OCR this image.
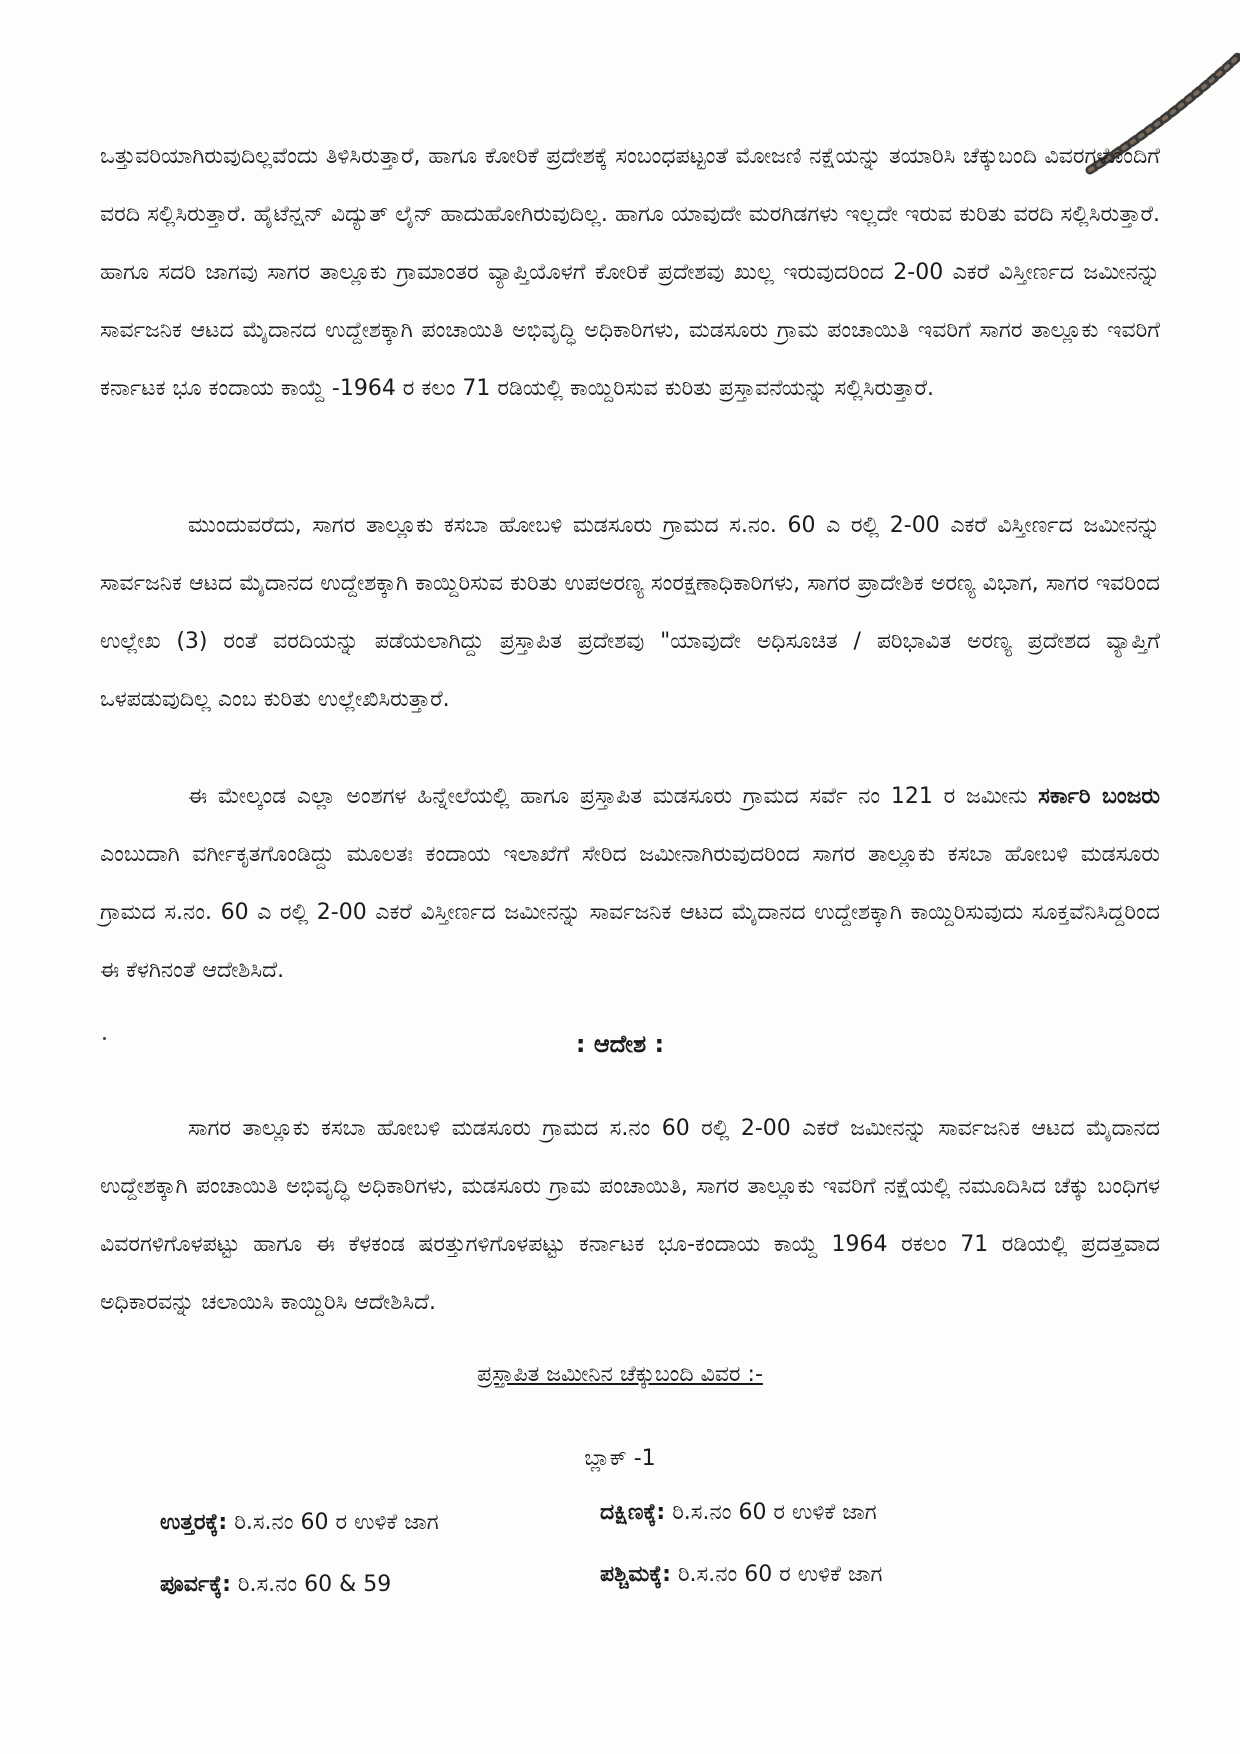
ಒತ್ತುವರಿಯಾಗಿರುವುದಿಲ್ಲವೆಂದು ತಿಳಿಸಿರುತ್ತಾರೆ, ಹಾಗೂ ಕೋರಿಕೆ ಪ್ರದೇಶಕ್ಕೆ ಸಂಬಂಧಪಟ್ಟಂತೆ ಮೋಜಣಿ ನಕ್ಷೆಯನ್ನು ತಯಾರಿಸಿ ಚೆಕ್ಕುಬಂದಿ ವಿವರಗಳೊಂದಿಗೆ ವರದಿ ಸಲ್ಲಿಸಿರುತ್ತಾರೆ. ಹೈಟೆನ್ಷನ್ ವಿದ್ಯುತ್ ಲೈನ್ ಹಾದುಹೋಗಿರುವುದಿಲ್ಲ. ಹಾಗೂ ಯಾವುದೇ ಮರಗಿಡಗಳು ಇಲ್ಲದೇ ಇರುವ ಕುರಿತು ವರದಿ ಸಲ್ಲಿಸಿರುತ್ತಾರೆ. ಹಾಗೂ ಸದರಿ ಜಾಗವು ಸಾಗರ ತಾಲ್ಲೂಕು ಗ್ರಾಮಾಂತರ ವ್ಯಾಪ್ತಿಯೊಳಗೆ ಕೋರಿಕೆ ಪ್ರದೇಶವು ಖುಲ್ಲ ಇರುವುದರಿಂದ 2-00 ಎಕರೆ ವಿಸ್ತೀರ್ಣದ ಜಮೀನನ್ನು ಸಾರ್ವಜನಿಕ ಆಟದ ಮೈದಾನದ ಉದ್ದೇಶಕ್ಕಾಗಿ ಪಂಚಾಯಿತಿ ಅಭಿವೃದ್ಧಿ ಅಧಿಕಾರಿಗಳು, ಮಡಸೂರು ಗ್ರಾಮ ಪಂಚಾಯಿತಿ ಇವರಿಗೆ ಸಾಗರ ತಾಲ್ಲೂಕು ಇವರಿಗೆ ಕರ್ನಾಟಕ ಭೂ ಕಂದಾಯ ಕಾಯ್ದೆ -1964 ರ ಕಲಂ 71 ರಡಿಯಲ್ಲಿ ಕಾಯ್ದಿರಿಸುವ ಕುರಿತು ಪ್ರಸ್ತಾವನೆಯನ್ನು ಸಲ್ಲಿಸಿರುತ್ತಾರೆ.

ಮುಂದುವರೆದು, ಸಾಗರ ತಾಲ್ಲೂಕು ಕಸಬಾ ಹೋಬಳಿ ಮಡಸೂರು ಗ್ರಾಮದ ಸ.ನಂ. 60 ಎ ರಲ್ಲಿ 2-00 ಎಕರೆ ವಿಸ್ತೀರ್ಣದ ಜಮೀನನ್ನು ಸಾರ್ವಜನಿಕ ಆಟದ ಮೈದಾನದ ಉದ್ದೇಶಕ್ಕಾಗಿ ಕಾಯ್ದಿರಿಸುವ ಕುರಿತು ಉಪಅರಣ್ಯ ಸಂರಕ್ಷಣಾಧಿಕಾರಿಗಳು, ಸಾಗರ ಪ್ರಾದೇಶಿಕ ಅರಣ್ಯ ವಿಭಾಗ, ಸಾಗರ ಇವರಿಂದ ಉಲ್ಲೇಖ (3) ರಂತೆ ವರದಿಯನ್ನು ಪಡೆಯಲಾಗಿದ್ದು ಪ್ರಸ್ತಾಪಿತ ಪ್ರದೇಶವು "ಯಾವುದೇ ಅಧಿಸೂಚಿತ / ಪರಿಭಾವಿತ ಅರಣ್ಯ ಪ್ರದೇಶದ ವ್ಯಾಪ್ತಿಗೆ ಒಳಪಡುವುದಿಲ್ಲ ಎಂಬ ಕುರಿತು ಉಲ್ಲೇಖಿಸಿರುತ್ತಾರೆ.

ಈ ಮೇಲ್ಕಂಡ ಎಲ್ಲಾ ಅಂಶಗಳ ಹಿನ್ನೇಲೆಯಲ್ಲಿ ಹಾಗೂ ಪ್ರಸ್ತಾಪಿತ ಮಡಸೂರು ಗ್ರಾಮದ ಸರ್ವೆ ನಂ 121 ರ ಜಮೀನು ಸರ್ಕಾರಿ ಬಂಜರು ಎಂಬುದಾಗಿ ವರ್ಗೀಕೃತಗೊಂಡಿದ್ದು ಮೂಲತಃ ಕಂದಾಯ ಇಲಾಖೆಗೆ ಸೇರಿದ ಜಮೀನಾಗಿರುವುದರಿಂದ ಸಾಗರ ತಾಲ್ಲೂಕು ಕಸಬಾ ಹೋಬಳಿ ಮಡಸೂರು ಗ್ರಾಮದ ಸ.ನಂ. 60 ಎ ರಲ್ಲಿ 2-00 ಎಕರೆ ವಿಸ್ತೀರ್ಣದ ಜಮೀನನ್ನು ಸಾರ್ವಜನಿಕ ಆಟದ ಮೈದಾನದ ಉದ್ದೇಶಕ್ಕಾಗಿ ಕಾಯ್ದಿರಿಸುವುದು ಸೂಕ್ತವೆನಿಸಿದ್ದರಿಂದ ಈ ಕೆಳಗಿನಂತೆ ಆದೇಶಿಸಿದೆ.

: ಆದೇಶ :

ಸಾಗರ ತಾಲ್ಲೂಕು ಕಸಬಾ ಹೋಬಳಿ ಮಡಸೂರು ಗ್ರಾಮದ ಸ.ನಂ 60 ರಲ್ಲಿ 2-00 ಎಕರೆ ಜಮೀನನ್ನು ಸಾರ್ವಜನಿಕ ಆಟದ ಮೈದಾನದ ಉದ್ದೇಶಕ್ಕಾಗಿ ಪಂಚಾಯಿತಿ ಅಭಿವೃದ್ಧಿ ಅಧಿಕಾರಿಗಳು, ಮಡಸೂರು ಗ್ರಾಮ ಪಂಚಾಯಿತಿ, ಸಾಗರ ತಾಲ್ಲೂಕು ಇವರಿಗೆ ನಕ್ಷೆಯಲ್ಲಿ ನಮೂದಿಸಿದ ಚೆಕ್ಕು ಬಂಧಿಗಳ ವಿವರಗಳಿಗೊಳಪಟ್ಟು ಹಾಗೂ ಈ ಕೆಳಕಂಡ ಷರತ್ತುಗಳಿಗೊಳಪಟ್ಟು ಕರ್ನಾಟಕ ಭೂ-ಕಂದಾಯ ಕಾಯ್ದೆ 1964 ರಕಲಂ 71 ರಡಿಯಲ್ಲಿ ಪ್ರದತ್ತವಾದ ಅಧಿಕಾರವನ್ನು ಚಲಾಯಿಸಿ ಕಾಯ್ದಿರಿಸಿ ಆದೇಶಿಸಿದೆ.

ಪ್ರಸ್ತಾಪಿತ ಜಮೀನಿನ ಚೆಕ್ಕುಬಂದಿ ವಿವರ :-

ಬ್ಲಾಕ್ -1

ಉತ್ತರಕ್ಕೆ: ರಿ.ಸ.ನಂ 60 ರ ಉಳಿಕೆ ಜಾಗ	ದಕ್ಷಿಣಕ್ಕೆ: ರಿ.ಸ.ನಂ 60 ರ ಉಳಿಕೆ ಜಾಗ
ಪೂರ್ವಕ್ಕೆ: ರಿ.ಸ.ನಂ 60 & 59	ಪಶ್ಚಿಮಕ್ಕೆ: ರಿ.ಸ.ನಂ 60 ರ ಉಳಿಕೆ ಜಾಗ
